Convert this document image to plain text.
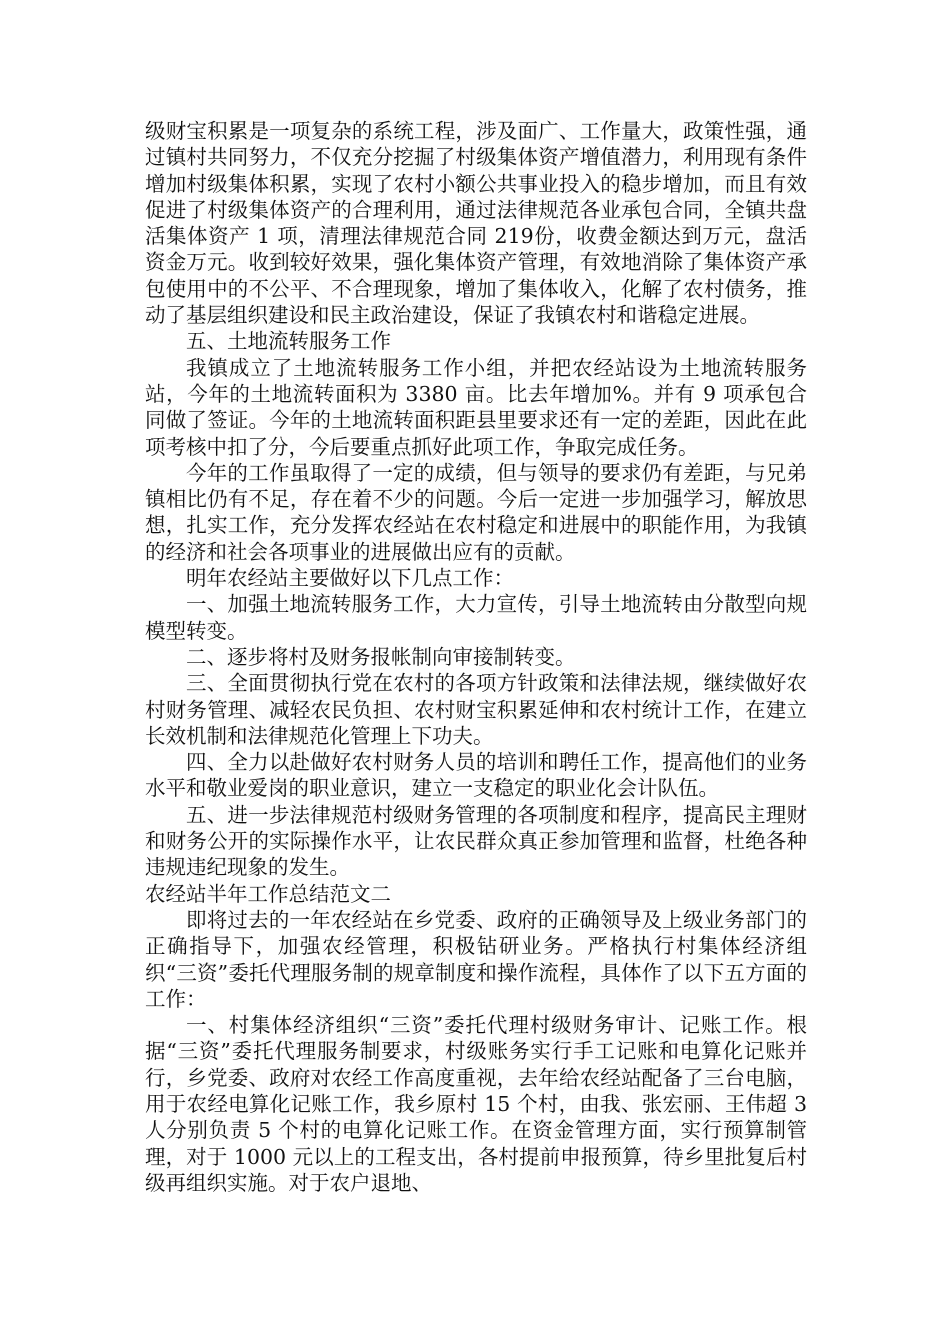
级财宝积累是一项复杂的系统工程，涉及面广、工作量大，政策性强，通过镇村共同努力，不仅充分挖掘了村级集体资产增值潜力，利用现有条件增加村级集体积累，实现了农村小额公共事业投入的稳步增加，而且有效促进了村级集体资产的合理利用，通过法律规范各业承包合同，全镇共盘活集体资产 1 项，清理法律规范合同 219份，收费金额达到万元，盘活资金万元。收到较好效果，强化集体资产管理，有效地消除了集体资产承包使用中的不公平、不合理现象，增加了集体收入，化解了农村债务，推动了基层组织建设和民主政治建设，保证了我镇农村和谐稳定进展。

五、土地流转服务工作

我镇成立了土地流转服务工作小组，并把农经站设为土地流转服务站，今年的土地流转面积为 3380 亩。比去年增加%。并有 9 项承包合同做了签证。今年的土地流转面积距县里要求还有一定的差距，因此在此项考核中扣了分，今后要重点抓好此项工作，争取完成任务。

今年的工作虽取得了一定的成绩，但与领导的要求仍有差距，与兄弟镇相比仍有不足，存在着不少的问题。今后一定进一步加强学习，解放思想，扎实工作，充分发挥农经站在农村稳定和进展中的职能作用，为我镇的经济和社会各项事业的进展做出应有的贡献。

明年农经站主要做好以下几点工作：

一、加强土地流转服务工作，大力宣传，引导土地流转由分散型向规模型转变。

二、逐步将村及财务报帐制向审接制转变。

三、全面贯彻执行党在农村的各项方针政策和法律法规，继续做好农村财务管理、减轻农民负担、农村财宝积累延伸和农村统计工作，在建立长效机制和法律规范化管理上下功夫。

四、全力以赴做好农村财务人员的培训和聘任工作，提高他们的业务水平和敬业爱岗的职业意识，建立一支稳定的职业化会计队伍。

五、进一步法律规范村级财务管理的各项制度和程序，提高民主理财和财务公开的实际操作水平，让农民群众真正参加管理和监督，杜绝各种违规违纪现象的发生。

农经站半年工作总结范文二

即将过去的一年农经站在乡党委、政府的正确领导及上级业务部门的正确指导下，加强农经管理，积极钻研业务。严格执行村集体经济组织“三资”委托代理服务制的规章制度和操作流程，具体作了以下五方面的工作：

一、村集体经济组织“三资”委托代理村级财务审计、记账工作。根据“三资”委托代理服务制要求，村级账务实行手工记账和电算化记账并行，乡党委、政府对农经工作高度重视，去年给农经站配备了三台电脑，用于农经电算化记账工作，我乡原村 15 个村，由我、张宏丽、王伟超 3 人分别负责 5 个村的电算化记账工作。在资金管理方面，实行预算制管理，对于 1000 元以上的工程支出，各村提前申报预算，待乡里批复后村级再组织实施。对于农户退地、
